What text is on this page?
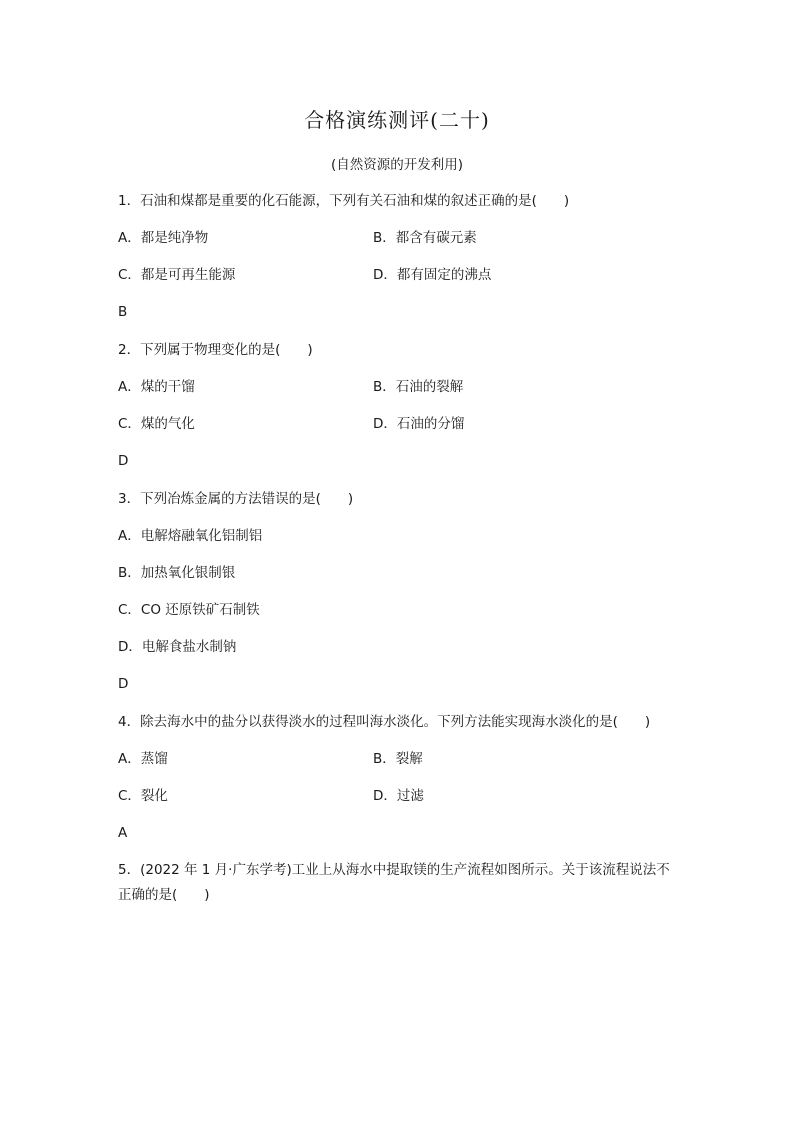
合格演练测评(二十)
(自然资源的开发利用)
1．石油和煤都是重要的化石能源，下列有关石油和煤的叙述正确的是(　　)
A．都是纯净物	B．都含有碳元素
C．都是可再生能源	D．都有固定的沸点
B
2．下列属于物理变化的是(　　)
A．煤的干馏	B．石油的裂解
C．煤的气化	D．石油的分馏
D
3．下列冶炼金属的方法错误的是(　　)
A．电解熔融氧化铝制铝
B．加热氧化银制银
C．CO 还原铁矿石制铁
D．电解食盐水制钠
D
4．除去海水中的盐分以获得淡水的过程叫海水淡化。下列方法能实现海水淡化的是(　　)
A．蒸馏	B．裂解
C．裂化	D．过滤
A
5．(2022 年 1 月·广东学考)工业上从海水中提取镁的生产流程如图所示。关于该流程说法不正确的是(　　)
